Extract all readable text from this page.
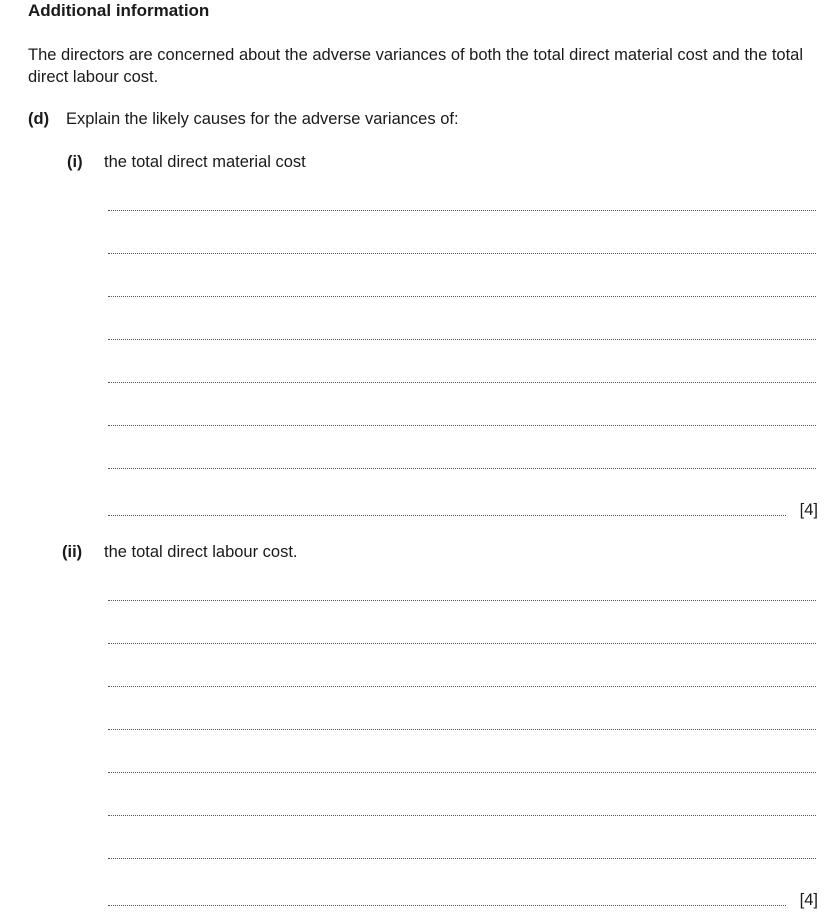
Additional information
The directors are concerned about the adverse variances of both the total direct material cost and the total direct labour cost.
(d) Explain the likely causes for the adverse variances of:
(i) the total direct material cost
[4]
(ii) the total direct labour cost.
[4]
